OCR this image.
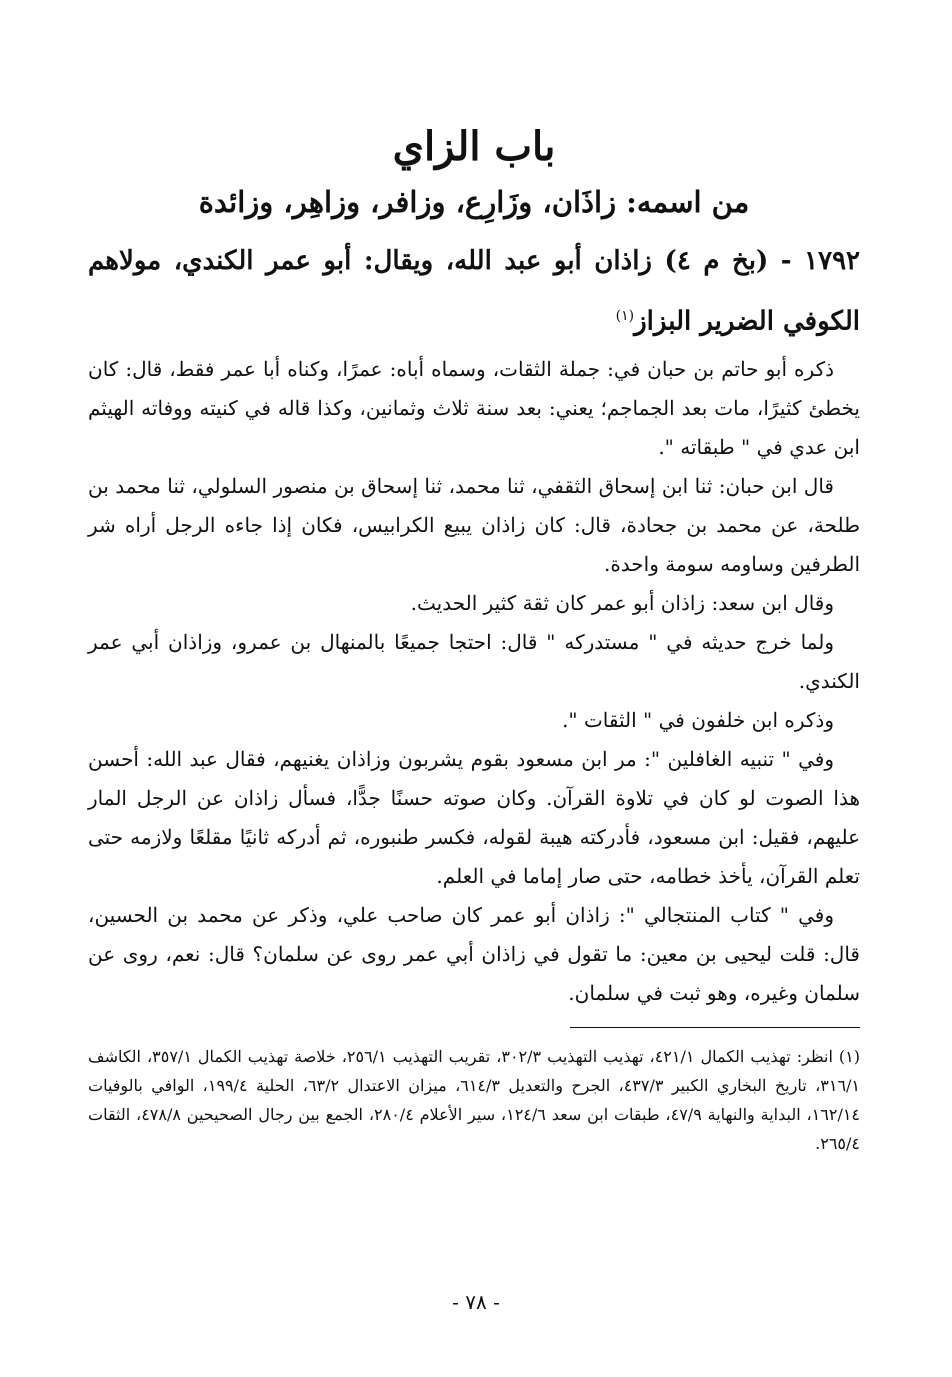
باب الزاي
من اسمه: زاذَان، وزَارِع، وزافر، وزاهِر، وزائدة

١٧٩٢ - (بخ م ٤) زاذان أبو عبد الله، ويقال: أبو عمر الكندي، مولاهم الكوفي الضرير البزاز$^{(١)}$

ذكره أبو حاتم بن حبان في: جملة الثقات، وسماه أباه: عمرًا، وكناه أبا عمر فقط، قال: كان يخطئ كثيرًا، مات بعد الجماجم؛ يعني: بعد سنة ثلاث وثمانين، وكذا قاله في كنيته ووفاته الهيثم ابن عدي في " طبقاته ".

قال ابن حبان: ثنا ابن إسحاق الثقفي، ثنا محمد، ثنا إسحاق بن منصور السلولي، ثنا محمد بن طلحة، عن محمد بن جحادة، قال: كان زاذان يبيع الكرابيس، فكان إذا جاءه الرجل أراه شر الطرفين وساومه سومة واحدة.

وقال ابن سعد: زاذان أبو عمر كان ثقة كثير الحديث.

ولما خرج حديثه في " مستدركه " قال: احتجا جميعًا بالمنهال بن عمرو، وزاذان أبي عمر الكندي.

وذكره ابن خلفون في " الثقات ".

وفي " تنبيه الغافلين ": مر ابن مسعود بقوم يشربون وزاذان يغنيهم، فقال عبد الله: أحسن هذا الصوت لو كان في تلاوة القرآن. وكان صوته حسنًا جدًّا، فسأل زاذان عن الرجل المار عليهم، فقيل: ابن مسعود، فأدركته هيبة لقوله، فكسر طنبوره، ثم أدركه ثانيًا مقلعًا ولازمه حتى تعلم القرآن، يأخذ خطامه، حتى صار إماما في العلم.

وفي " كتاب المنتجالي ": زاذان أبو عمر كان صاحب علي، وذكر عن محمد بن الحسين، قال: قلت ليحيى بن معين: ما تقول في زاذان أبي عمر روى عن سلمان؟ قال: نعم، روى عن سلمان وغيره، وهو ثبت في سلمان.

(١) انظر: تهذيب الكمال ٤٢١/١، تهذيب التهذيب ٣٠٢/٣، تقريب التهذيب ٢٥٦/١، خلاصة تهذيب الكمال ٣٥٧/١، الكاشف ٣١٦/١، تاريخ البخاري الكبير ٤٣٧/٣، الجرح والتعديل ٦١٤/٣، ميزان الاعتدال ٦٣/٢، الحلية ١٩٩/٤، الوافي بالوفيات ١٦٢/١٤، البداية والنهاية ٤٧/٩، طبقات ابن سعد ١٢٤/٦، سير الأعلام ٢٨٠/٤، الجمع بين رجال الصحيحين ٤٧٨/٨، الثقات ٢٦٥/٤.

- ٧٨ -
